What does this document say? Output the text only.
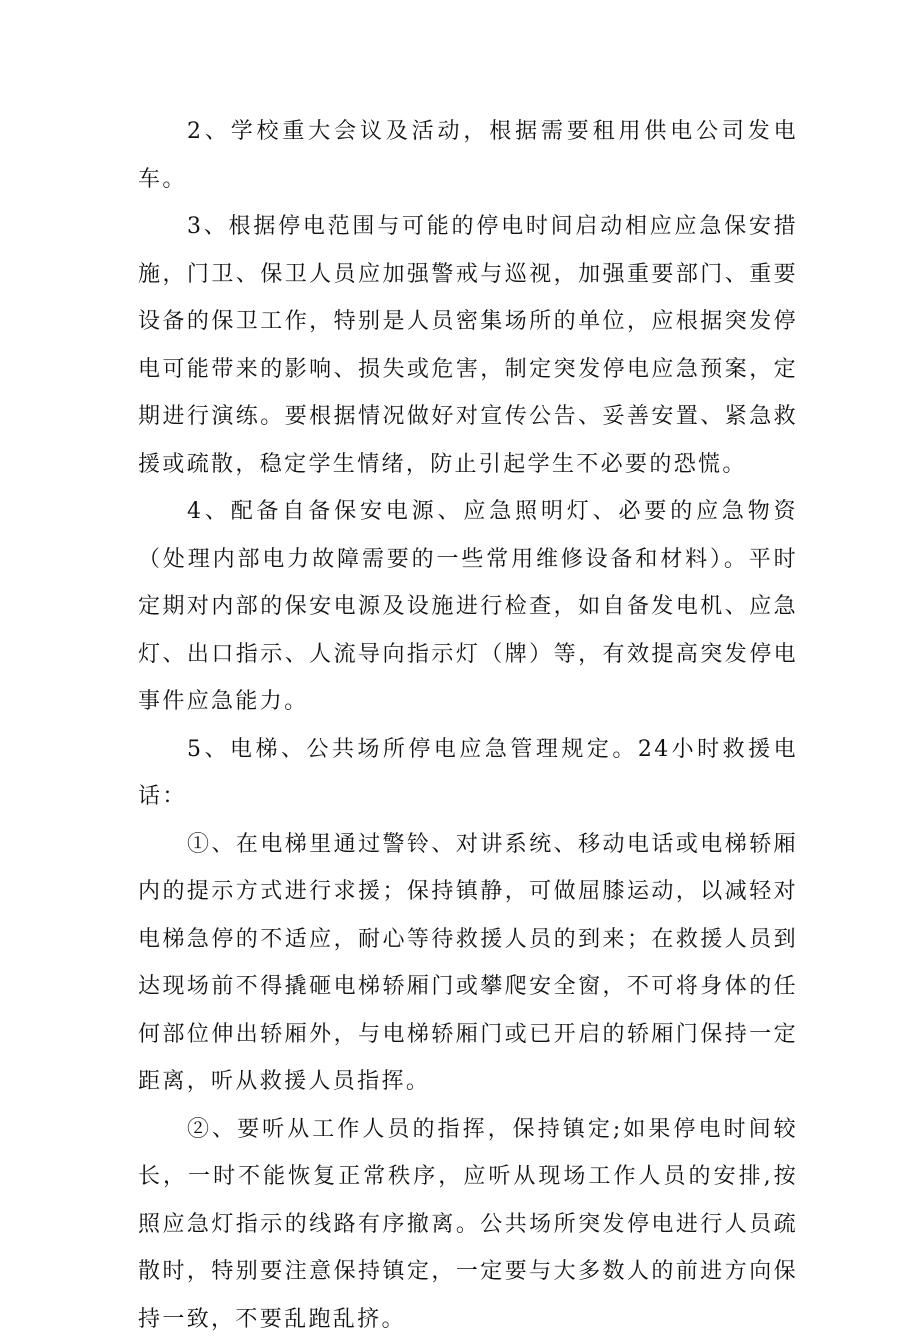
2、学校重大会议及活动，根据需要租用供电公司发电车。

3、根据停电范围与可能的停电时间启动相应应急保安措施，门卫、保卫人员应加强警戒与巡视，加强重要部门、重要设备的保卫工作，特别是人员密集场所的单位，应根据突发停电可能带来的影响、损失或危害，制定突发停电应急预案，定期进行演练。要根据情况做好对宣传公告、妥善安置、紧急救援或疏散，稳定学生情绪，防止引起学生不必要的恐慌。

4、配备自备保安电源、应急照明灯、必要的应急物资（处理内部电力故障需要的一些常用维修设备和材料）。平时定期对内部的保安电源及设施进行检查，如自备发电机、应急灯、出口指示、人流导向指示灯（牌）等，有效提高突发停电事件应急能力。

5、电梯、公共场所停电应急管理规定。24小时救援电话：

①、在电梯里通过警铃、对讲系统、移动电话或电梯轿厢内的提示方式进行求援；保持镇静，可做屈膝运动，以减轻对电梯急停的不适应，耐心等待救援人员的到来；在救援人员到达现场前不得撬砸电梯轿厢门或攀爬安全窗，不可将身体的任何部位伸出轿厢外，与电梯轿厢门或已开启的轿厢门保持一定距离，听从救援人员指挥。

②、要听从工作人员的指挥，保持镇定;如果停电时间较长，一时不能恢复正常秩序，应听从现场工作人员的安排,按照应急灯指示的线路有序撤离。公共场所突发停电进行人员疏散时，特别要注意保持镇定，一定要与大多数人的前进方向保持一致，不要乱跑乱挤。
